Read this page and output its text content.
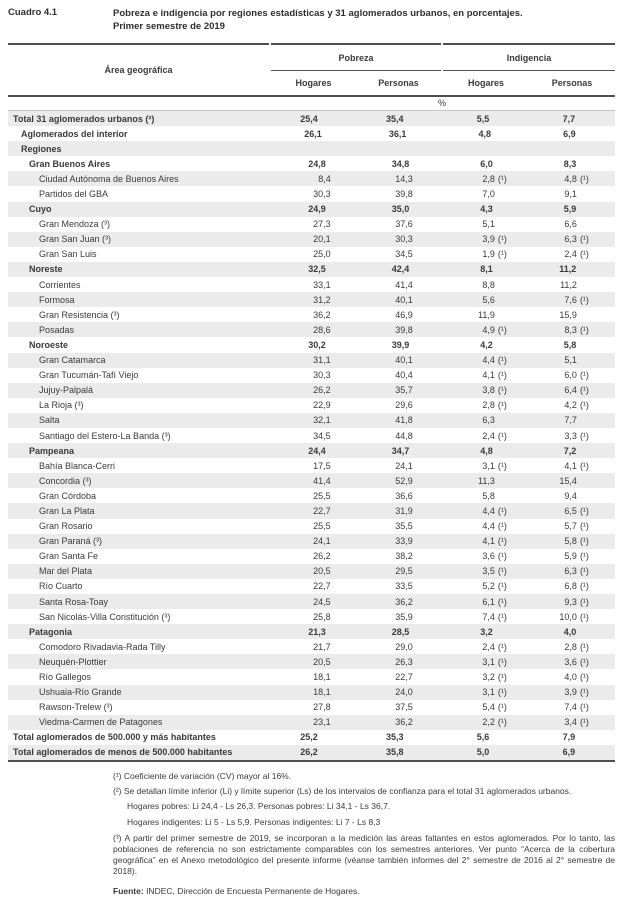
Cuadro 4.1	Pobreza e indigencia por regiones estadísticas y 31 aglomerados urbanos, en porcentajes.
Primer semestre de 2019
Área geográfica
Pobreza
Hogares	Personas
Indigencia
Hogares	Personas
%
Total 31 aglomerados urbanos (²)	25,4	35,4	5,5	7,7
Aglomerados del interior	26,1	36,1	4,8	6,9
Regiones
Gran Buenos Aires	24,8	34,8	6,0	8,3
Ciudad Autónoma de Buenos Aires	8,4	14,3	2,8 (¹)	4,8 (¹)
Partidos del GBA	30,3	39,8	7,0	9,1
Cuyo	24,9	35,0	4,3	5,9
Gran Mendoza (³)	27,3	37,6	5,1	6,6
Gran San Juan (³)	20,1	30,3	3,9 (¹)	6,3 (¹)
Gran San Luis	25,0	34,5	1,9 (¹)	2,4 (¹)
Noreste	32,5	42,4	8,1	11,2
Corrientes	33,1	41,4	8,8	11,2
Formosa	31,2	40,1	5,6	7,6 (¹)
Gran Resistencia (³)	36,2	46,9	11,9	15,9
Posadas	28,6	39,8	4,9 (¹)	8,3 (¹)
Noroeste	30,2	39,9	4,2	5,8
Gran Catamarca	31,1	40,1	4,4 (¹)	5,1
Gran Tucumán-Tafí Viejo	30,3	40,4	4,1 (¹)	6,0 (¹)
Jujuy-Palpalá	26,2	35,7	3,8 (¹)	6,4 (¹)
La Rioja (³)	22,9	29,6	2,8 (¹)	4,2 (¹)
Salta	32,1	41,8	6,3	7,7
Santiago del Estero-La Banda (³)	34,5	44,8	2,4 (¹)	3,3 (¹)
Pampeana	24,4	34,7	4,8	7,2
Bahía Blanca-Cerri	17,5	24,1	3,1 (¹)	4,1 (¹)
Concordia (³)	41,4	52,9	11,3	15,4
Gran Córdoba	25,5	36,6	5,8	9,4
Gran La Plata	22,7	31,9	4,4 (¹)	6,5 (¹)
Gran Rosario	25,5	35,5	4,4 (¹)	5,7 (¹)
Gran Paraná (³)	24,1	33,9	4,1 (¹)	5,8 (¹)
Gran Santa Fe	26,2	38,2	3,6 (¹)	5,9 (¹)
Mar del Plata	20,5	29,5	3,5 (¹)	6,3 (¹)
Río Cuarto	22,7	33,5	5,2 (¹)	6,8 (¹)
Santa Rosa-Toay	24,5	36,2	6,1 (¹)	9,3 (¹)
San Nicolás-Villa Constitución (³)	25,8	35,9	7,4 (¹)	10,0 (¹)
Patagonia	21,3	28,5	3,2	4,0
Comodoro Rivadavia-Rada Tilly	21,7	29,0	2,4 (¹)	2,8 (¹)
Neuquén-Plottier	20,5	26,3	3,1 (¹)	3,6 (¹)
Río Gallegos	18,1	22,7	3,2 (¹)	4,0 (¹)
Ushuaia-Río Grande	18,1	24,0	3,1 (¹)	3,9 (¹)
Rawson-Trelew (³)	27,8	37,5	5,4 (¹)	7,4 (¹)
Viedma-Carmen de Patagones	23,1	36,2	2,2 (¹)	3,4 (¹)
Total aglomerados de 500.000 y más habitantes	25,2	35,3	5,6	7,9
Total aglomerados de menos de 500.000 habitantes	26,2	35,8	5,0	6,9
(¹) Coeficiente de variación (CV) mayor al 16%.
(²) Se detallan límite inferior (Li) y límite superior (Ls) de los intervalos de confianza para el total 31 aglomerados urbanos.
Hogares pobres: Li 24,4 - Ls 26,3. Personas pobres: Li 34,1 - Ls 36,7.
Hogares indigentes: Li 5 - Ls 5,9. Personas indigentes: Li 7 - Ls 8,3
(³) A partir del primer semestre de 2019, se incorporan a la medición las áreas faltantes en estos aglomerados. Por lo tanto, las poblaciones de referencia no son estrictamente comparables con los semestres anteriores. Ver punto “Acerca de la cobertura geográfica” en el Anexo metodológico del presente informe (véanse también informes del 2° semestre de 2016 al 2° semestre de 2018).
Fuente: INDEC, Dirección de Encuesta Permanente de Hogares.
